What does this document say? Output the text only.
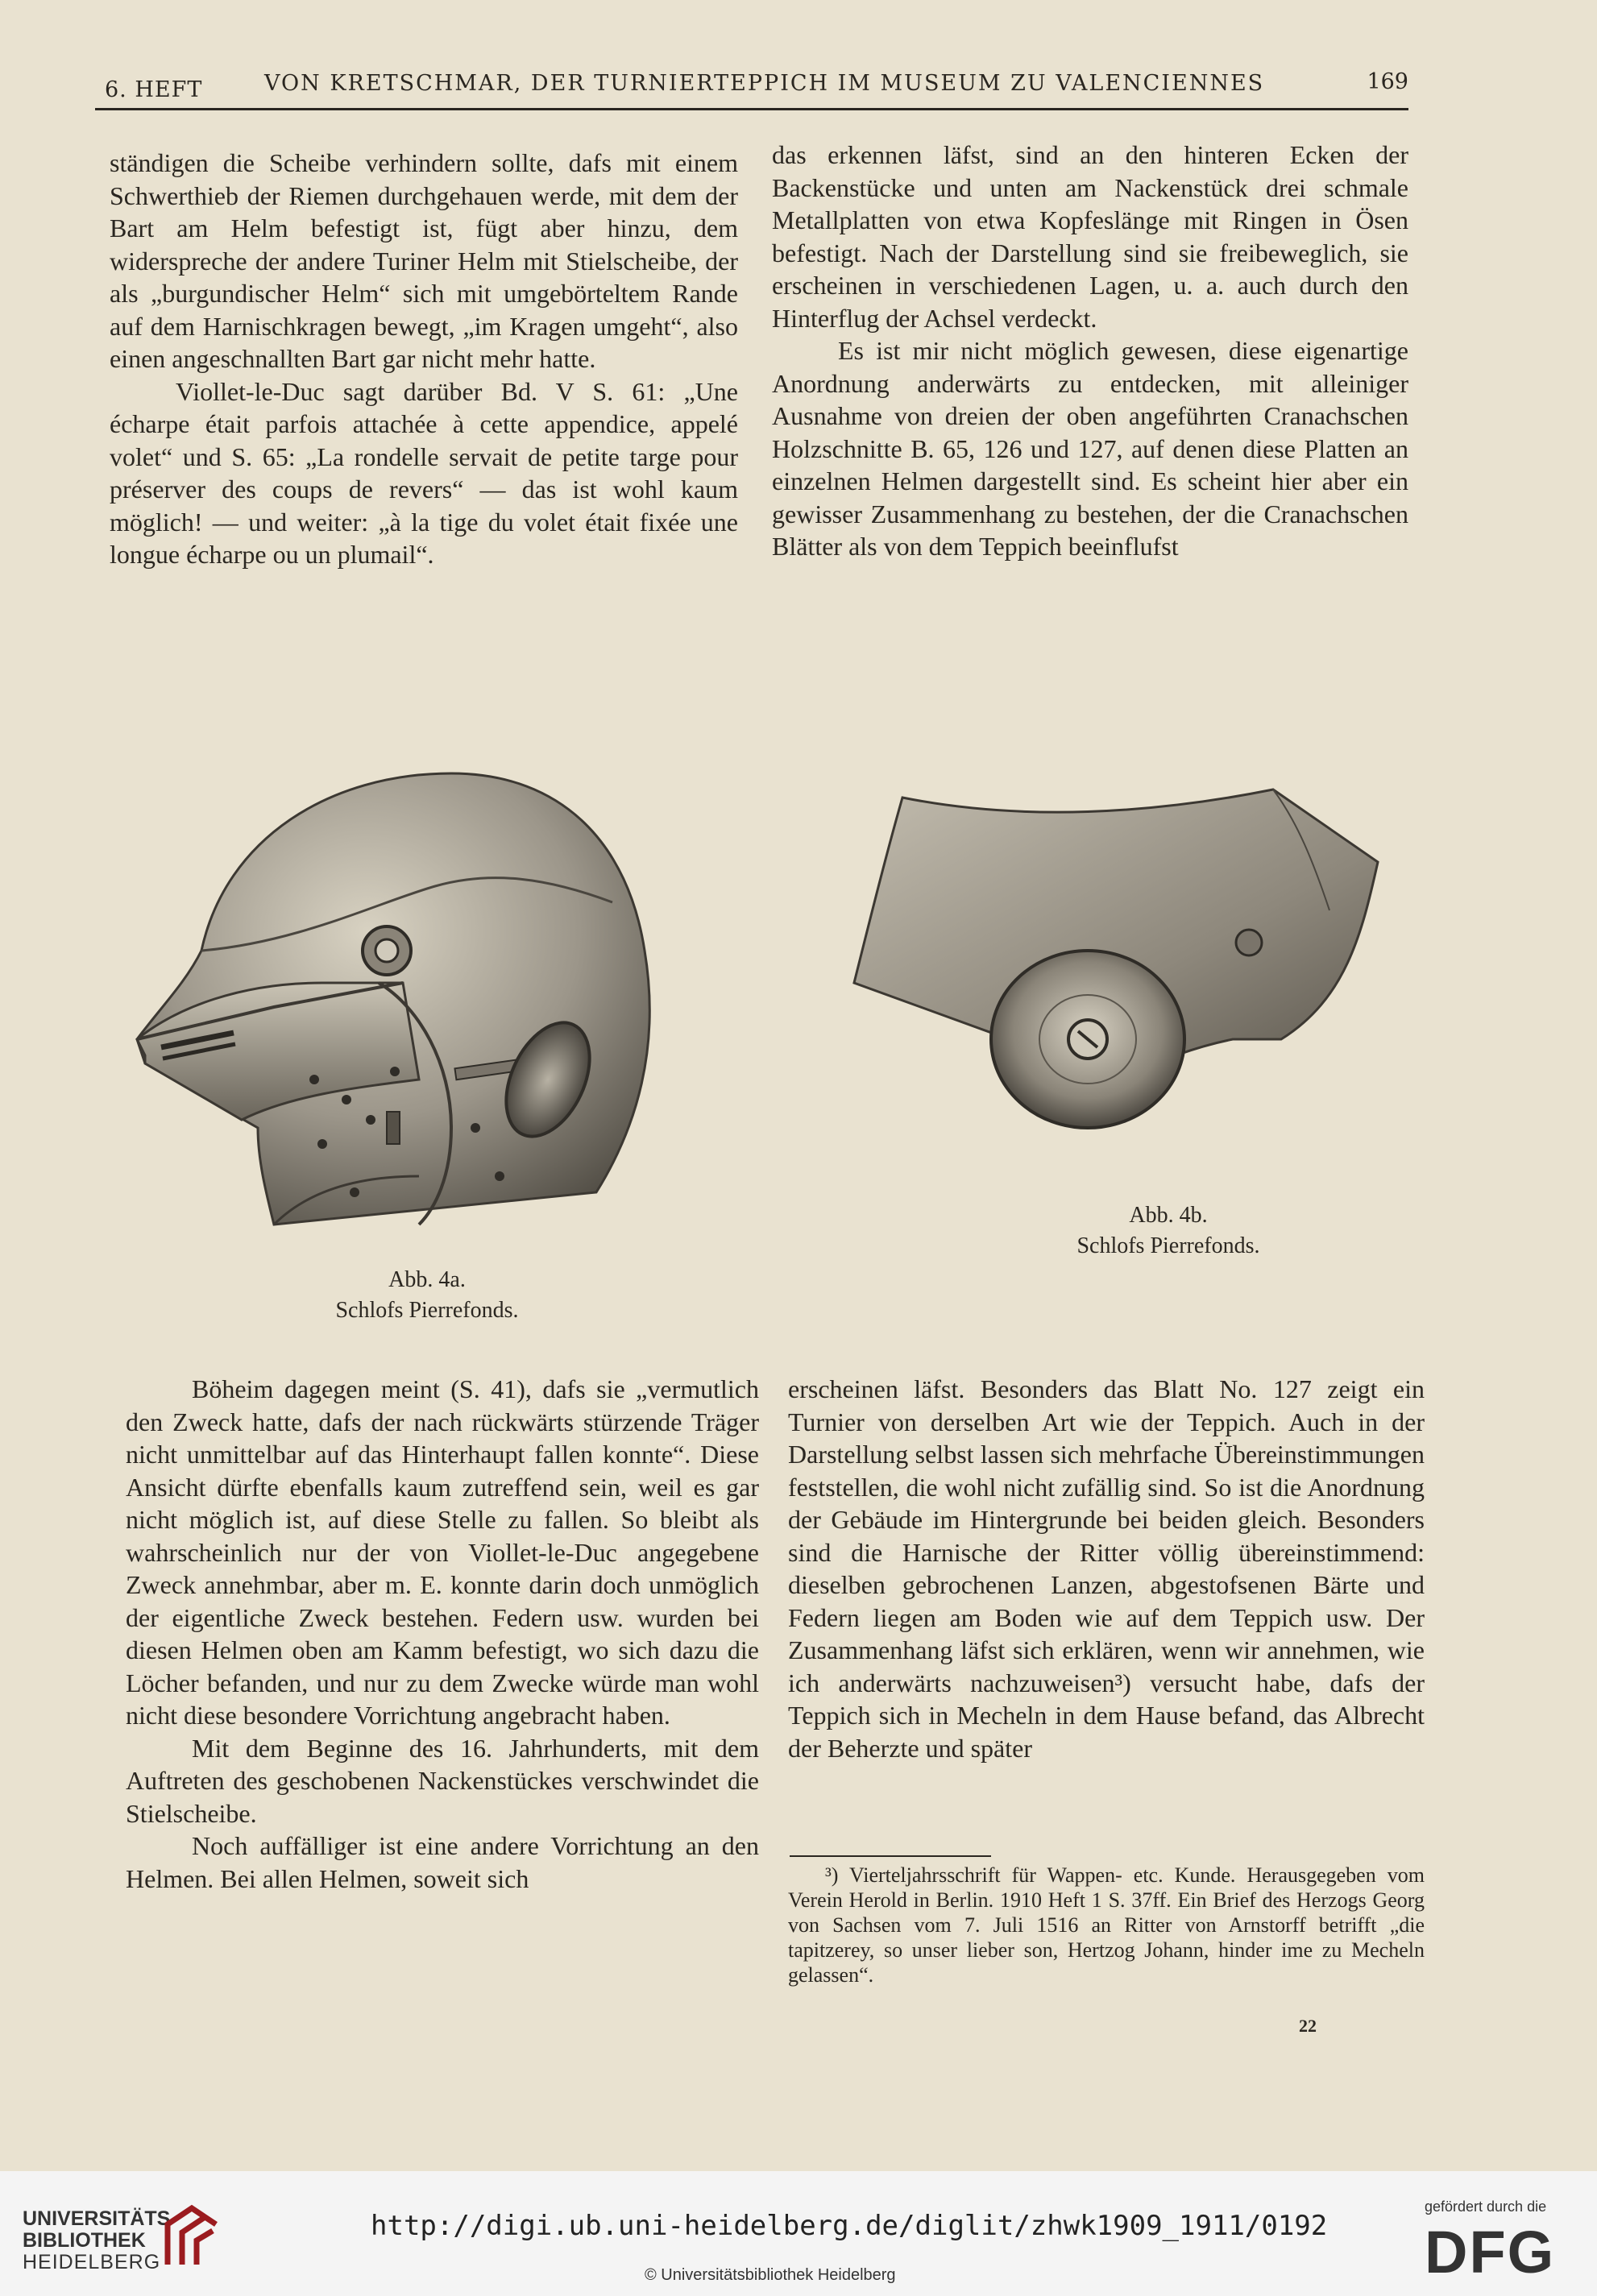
6. HEFT	VON KRETSCHMAR, DER TURNIERTEPPICH IM MUSEUM ZU VALENCIENNES	169

ständigen die Scheibe verhindern sollte, dafs mit einem Schwerthieb der Riemen durchgehauen werde, mit dem der Bart am Helm befestigt ist, fügt aber hinzu, dem widerspreche der andere Turiner Helm mit Stielscheibe, der als „burgundischer Helm“ sich mit umgebörteltem Rande auf dem Harnischkragen bewegt, „im Kragen umgeht“, also einen angeschnallten Bart gar nicht mehr hatte.

Viollet-le-Duc sagt darüber Bd. V S. 61: „Une écharpe était parfois attachée à cette appendice, appelé volet“ und S. 65: „La rondelle servait de petite targe pour préserver des coups de revers“ — das ist wohl kaum möglich! — und weiter: „à la tige du volet était fixée une longue écharpe ou un plumail“.

das erkennen läfst, sind an den hinteren Ecken der Backenstücke und unten am Nackenstück drei schmale Metallplatten von etwa Kopfeslänge mit Ringen in Ösen befestigt. Nach der Darstellung sind sie freibeweglich, sie erscheinen in verschiedenen Lagen, u. a. auch durch den Hinterflug der Achsel verdeckt.

Es ist mir nicht möglich gewesen, diese eigenartige Anordnung anderwärts zu entdecken, mit alleiniger Ausnahme von dreien der oben angeführten Cranachschen Holzschnitte B. 65, 126 und 127, auf denen diese Platten an einzelnen Helmen dargestellt sind. Es scheint hier aber ein gewisser Zusammenhang zu bestehen, der die Cranachschen Blätter als von dem Teppich beeinflufst

Abb. 4a.
Schlofs Pierrefonds.
Abb. 4b.
Schlofs Pierrefonds.

Böheim dagegen meint (S. 41), dafs sie „vermutlich den Zweck hatte, dafs der nach rückwärts stürzende Träger nicht unmittelbar auf das Hinterhaupt fallen konnte“. Diese Ansicht dürfte ebenfalls kaum zutreffend sein, weil es gar nicht möglich ist, auf diese Stelle zu fallen. So bleibt als wahrscheinlich nur der von Viollet-le-Duc angegebene Zweck annehmbar, aber m. E. konnte darin doch unmöglich der eigentliche Zweck bestehen. Federn usw. wurden bei diesen Helmen oben am Kamm befestigt, wo sich dazu die Löcher befanden, und nur zu dem Zwecke würde man wohl nicht diese besondere Vorrichtung angebracht haben.

Mit dem Beginne des 16. Jahrhunderts, mit dem Auftreten des geschobenen Nackenstückes verschwindet die Stielscheibe.

Noch auffälliger ist eine andere Vorrichtung an den Helmen. Bei allen Helmen, soweit sich

erscheinen läfst. Besonders das Blatt No. 127 zeigt ein Turnier von derselben Art wie der Teppich. Auch in der Darstellung selbst lassen sich mehrfache Übereinstimmungen feststellen, die wohl nicht zufällig sind. So ist die Anordnung der Gebäude im Hintergrunde bei beiden gleich. Besonders sind die Harnische der Ritter völlig übereinstimmend: dieselben gebrochenen Lanzen, abgestofsenen Bärte und Federn liegen am Boden wie auf dem Teppich usw. Der Zusammenhang läfst sich erklären, wenn wir annehmen, wie ich anderwärts nachzuweisen³) versucht habe, dafs der Teppich sich in Mecheln in dem Hause befand, das Albrecht der Beherzte und später

³) Vierteljahrsschrift für Wappen- etc. Kunde. Herausgegeben vom Verein Herold in Berlin. 1910 Heft 1 S. 37ff. Ein Brief des Herzogs Georg von Sachsen vom 7. Juli 1516 an Ritter von Arnstorff betrifft „die tapitzerey, so unser lieber son, Hertzog Johann, hinder ime zu Mecheln gelassen“.

22
UNIVERSITÄTS-
BIBLIOTHEK
HEIDELBERG
http://digi.ub.uni-heidelberg.de/diglit/zhwk1909_1911/0192
© Universitätsbibliothek Heidelberg
gefördert durch die
DFG
